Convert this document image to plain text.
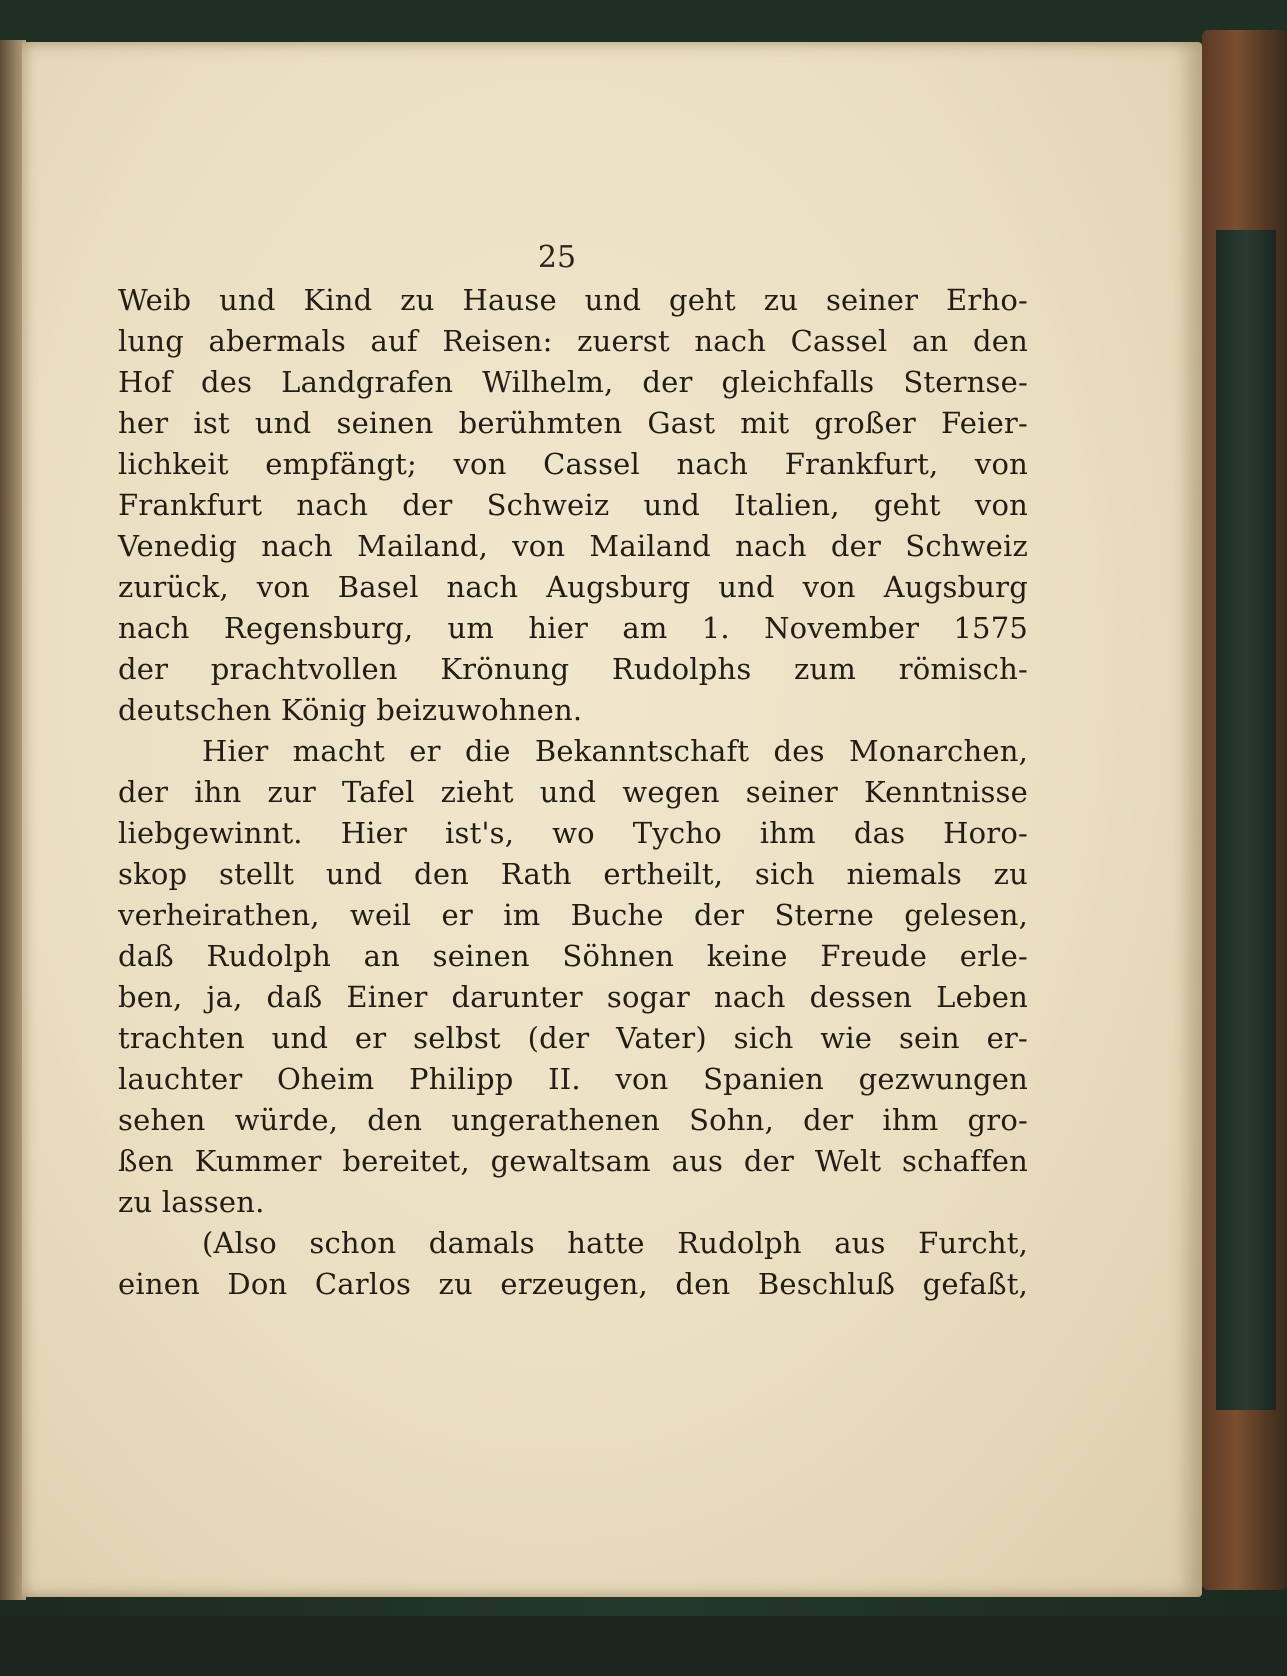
25
Weib und Kind zu Hause und geht zu seiner Erho-
lung abermals auf Reisen: zuerst nach Cassel an den
Hof des Landgrafen Wilhelm, der gleichfalls Sternse-
her ist und seinen berühmten Gast mit großer Feier-
lichkeit empfängt; von Cassel nach Frankfurt, von
Frankfurt nach der Schweiz und Italien, geht von
Venedig nach Mailand, von Mailand nach der Schweiz
zurück, von Basel nach Augsburg und von Augsburg
nach Regensburg, um hier am 1. November 1575
der prachtvollen Krönung Rudolphs zum römisch-
deutschen König beizuwohnen.
Hier macht er die Bekanntschaft des Monarchen,
der ihn zur Tafel zieht und wegen seiner Kenntnisse
liebgewinnt. Hier ist's, wo Tycho ihm das Horo-
skop stellt und den Rath ertheilt, sich niemals zu
verheirathen, weil er im Buche der Sterne gelesen,
daß Rudolph an seinen Söhnen keine Freude erle-
ben, ja, daß Einer darunter sogar nach dessen Leben
trachten und er selbst (der Vater) sich wie sein er-
lauchter Oheim Philipp II. von Spanien gezwungen
sehen würde, den ungerathenen Sohn, der ihm gro-
ßen Kummer bereitet, gewaltsam aus der Welt schaffen
zu lassen.
(Also schon damals hatte Rudolph aus Furcht,
einen Don Carlos zu erzeugen, den Beschluß gefaßt,
